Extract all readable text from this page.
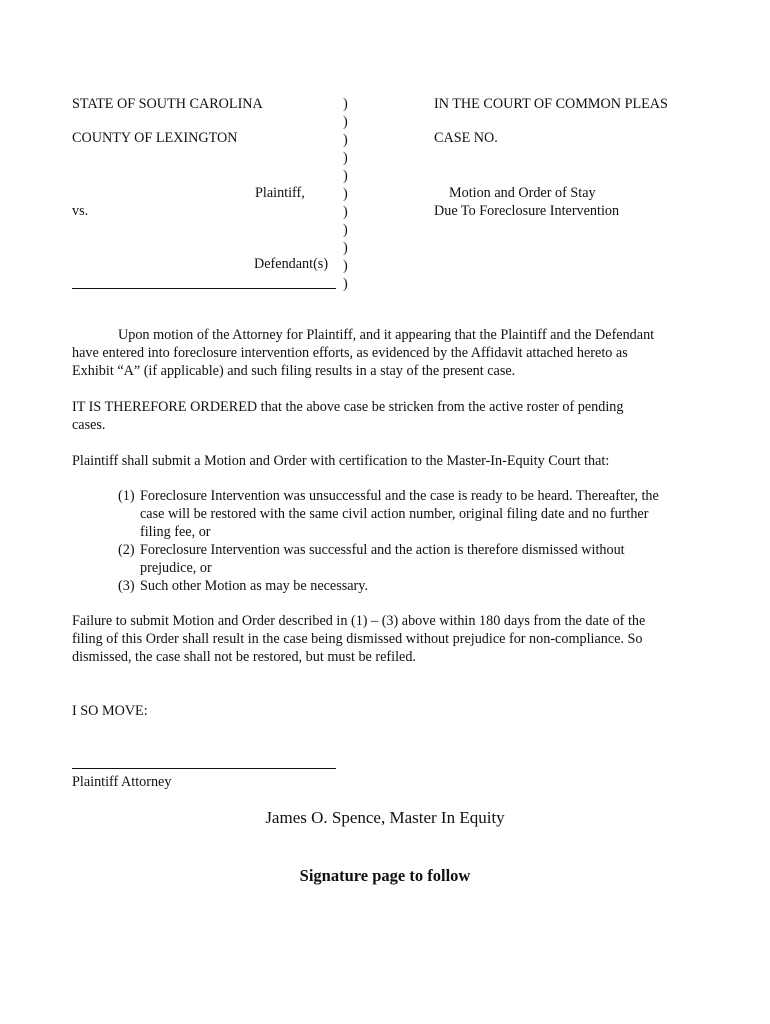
STATE OF SOUTH CAROLINA
COUNTY OF LEXINGTON
Plaintiff,
vs.
Defendant(s)
)
)
)
)
)
)
)
)
)
)
)
IN THE COURT OF COMMON PLEAS
CASE NO.
Motion and Order of Stay
Due To Foreclosure Intervention
Upon motion of the Attorney for Plaintiff, and it appearing that the Plaintiff and the Defendant
have entered into foreclosure intervention efforts, as evidenced by the Affidavit attached hereto as
Exhibit “A” (if applicable) and such filing results in a stay of the present case.
IT IS THEREFORE ORDERED that the above case be stricken from the active roster of pending
cases.
Plaintiff shall submit a Motion and Order with certification to the Master-In-Equity Court that:
(1) Foreclosure Intervention was unsuccessful and the case is ready to be heard. Thereafter, the
case will be restored with the same civil action number, original filing date and no further
filing fee, or
(2) Foreclosure Intervention was successful and the action is therefore dismissed without
prejudice, or
(3) Such other Motion as may be necessary.
Failure to submit Motion and Order described in (1) – (3) above within 180 days from the date of the
filing of this Order shall result in the case being dismissed without prejudice for non-compliance. So
dismissed, the case shall not be restored, but must be refiled.
I SO MOVE:
Plaintiff Attorney
James O. Spence, Master In Equity
Signature page to follow
